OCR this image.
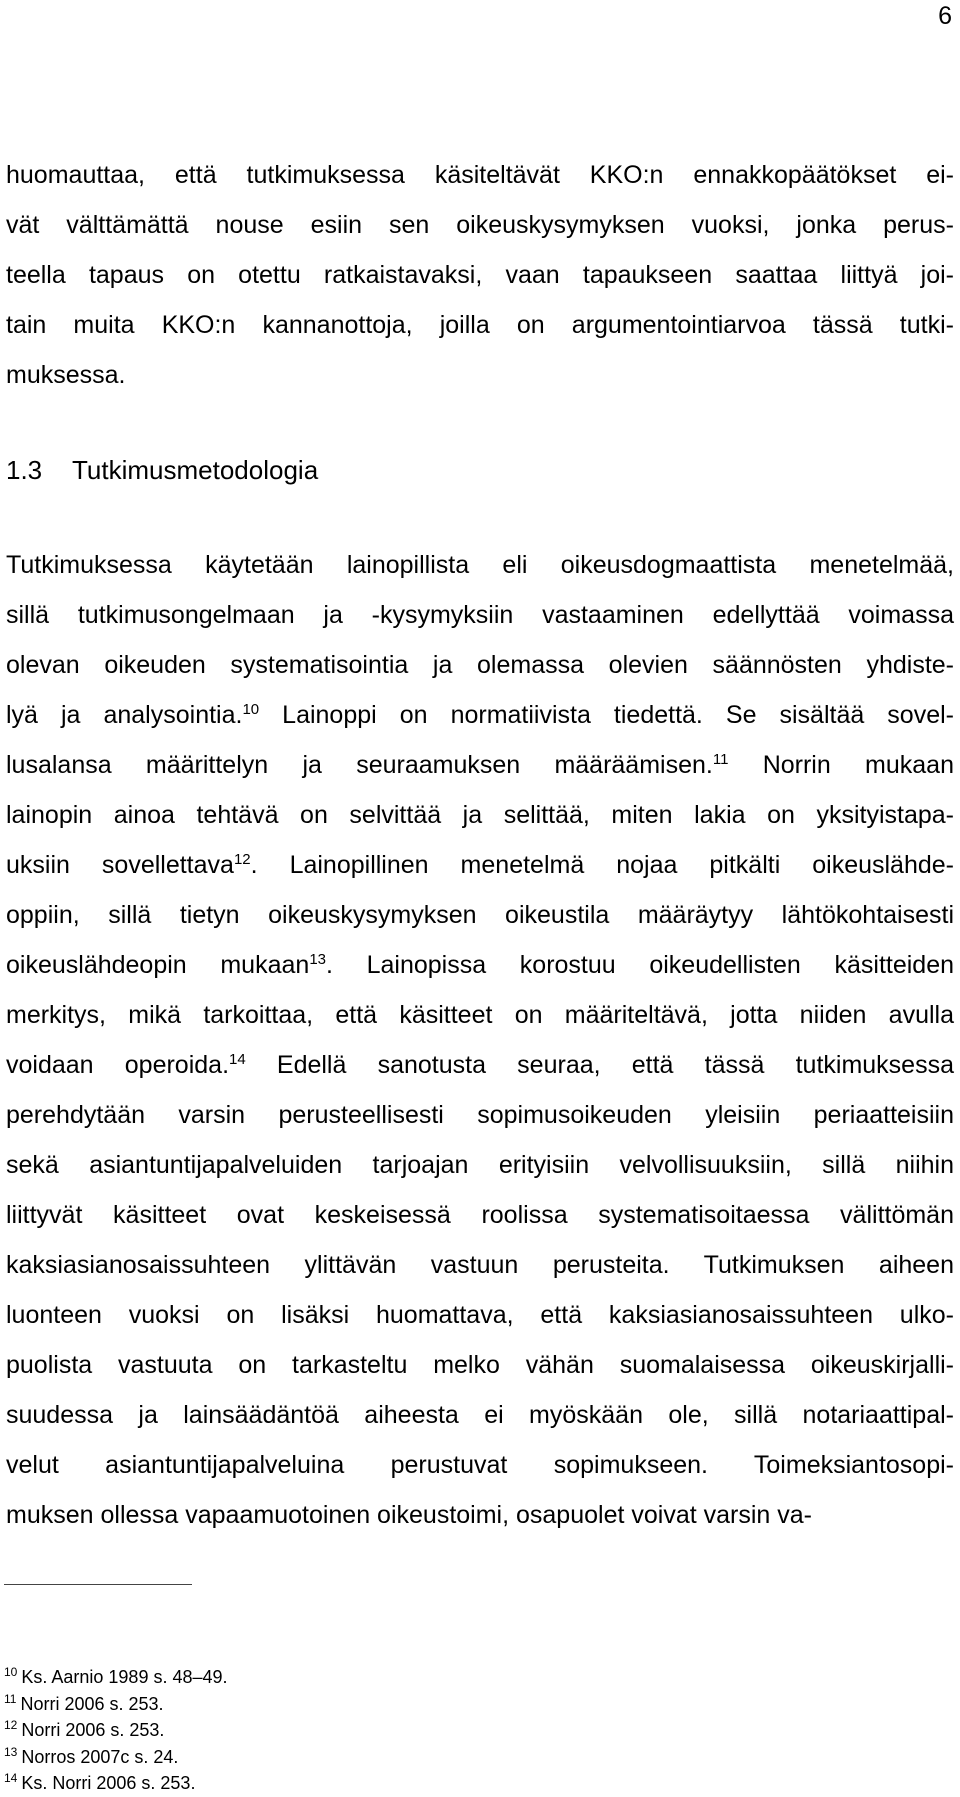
6
huomauttaa, että tutkimuksessa käsiteltävät KKO:n ennakkopäätökset ei-
vät välttämättä nouse esiin sen oikeuskysymyksen vuoksi, jonka perus-
teella tapaus on otettu ratkaistavaksi, vaan tapaukseen saattaa liittyä joi-
tain muita KKO:n kannanottoja, joilla on argumentointiarvoa tässä tutki-
muksessa.
1.3 Tutkimusmetodologia
Tutkimuksessa käytetään lainopillista eli oikeusdogmaattista menetelmää,
sillä tutkimusongelmaan ja -kysymyksiin vastaaminen edellyttää voimassa
olevan oikeuden systematisointia ja olemassa olevien säännösten yhdiste-
lyä ja analysointia.$^{10}$ Lainoppi on normatiivista tiedettä. Se sisältää sovel-
lusalansa määrittelyn ja seuraamuksen määräämisen.$^{11}$ Norrin mukaan
lainopin ainoa tehtävä on selvittää ja selittää, miten lakia on yksityistapa-
uksiin sovellettava$^{12}$. Lainopillinen menetelmä nojaa pitkälti oikeuslähde-
oppiin, sillä tietyn oikeuskysymyksen oikeustila määräytyy lähtökohtaisesti
oikeuslähdeopin mukaan$^{13}$. Lainopissa korostuu oikeudellisten käsitteiden
merkitys, mikä tarkoittaa, että käsitteet on määriteltävä, jotta niiden avulla
voidaan operoida.$^{14}$ Edellä sanotusta seuraa, että tässä tutkimuksessa
perehdytään varsin perusteellisesti sopimusoikeuden yleisiin periaatteisiin
sekä asiantuntijapalveluiden tarjoajan erityisiin velvollisuuksiin, sillä niihin
liittyvät käsitteet ovat keskeisessä roolissa systematisoitaessa välittömän
kaksiasianosaissuhteen ylittävän vastuun perusteita. Tutkimuksen aiheen
luonteen vuoksi on lisäksi huomattava, että kaksiasianosaissuhteen ulko-
puolista vastuuta on tarkasteltu melko vähän suomalaisessa oikeuskirjalli-
suudessa ja lainsäädäntöä aiheesta ei myöskään ole, sillä notariaattipal-
velut asiantuntijapalveluina perustuvat sopimukseen. Toimeksiantosopi-
muksen ollessa vapaamuotoinen oikeustoimi, osapuolet voivat varsin va-
$^{10}$ Ks. Aarnio 1989 s. 48–49.
$^{11}$ Norri 2006 s. 253.
$^{12}$ Norri 2006 s. 253.
$^{13}$ Norros 2007c s. 24.
$^{14}$ Ks. Norri 2006 s. 253.
